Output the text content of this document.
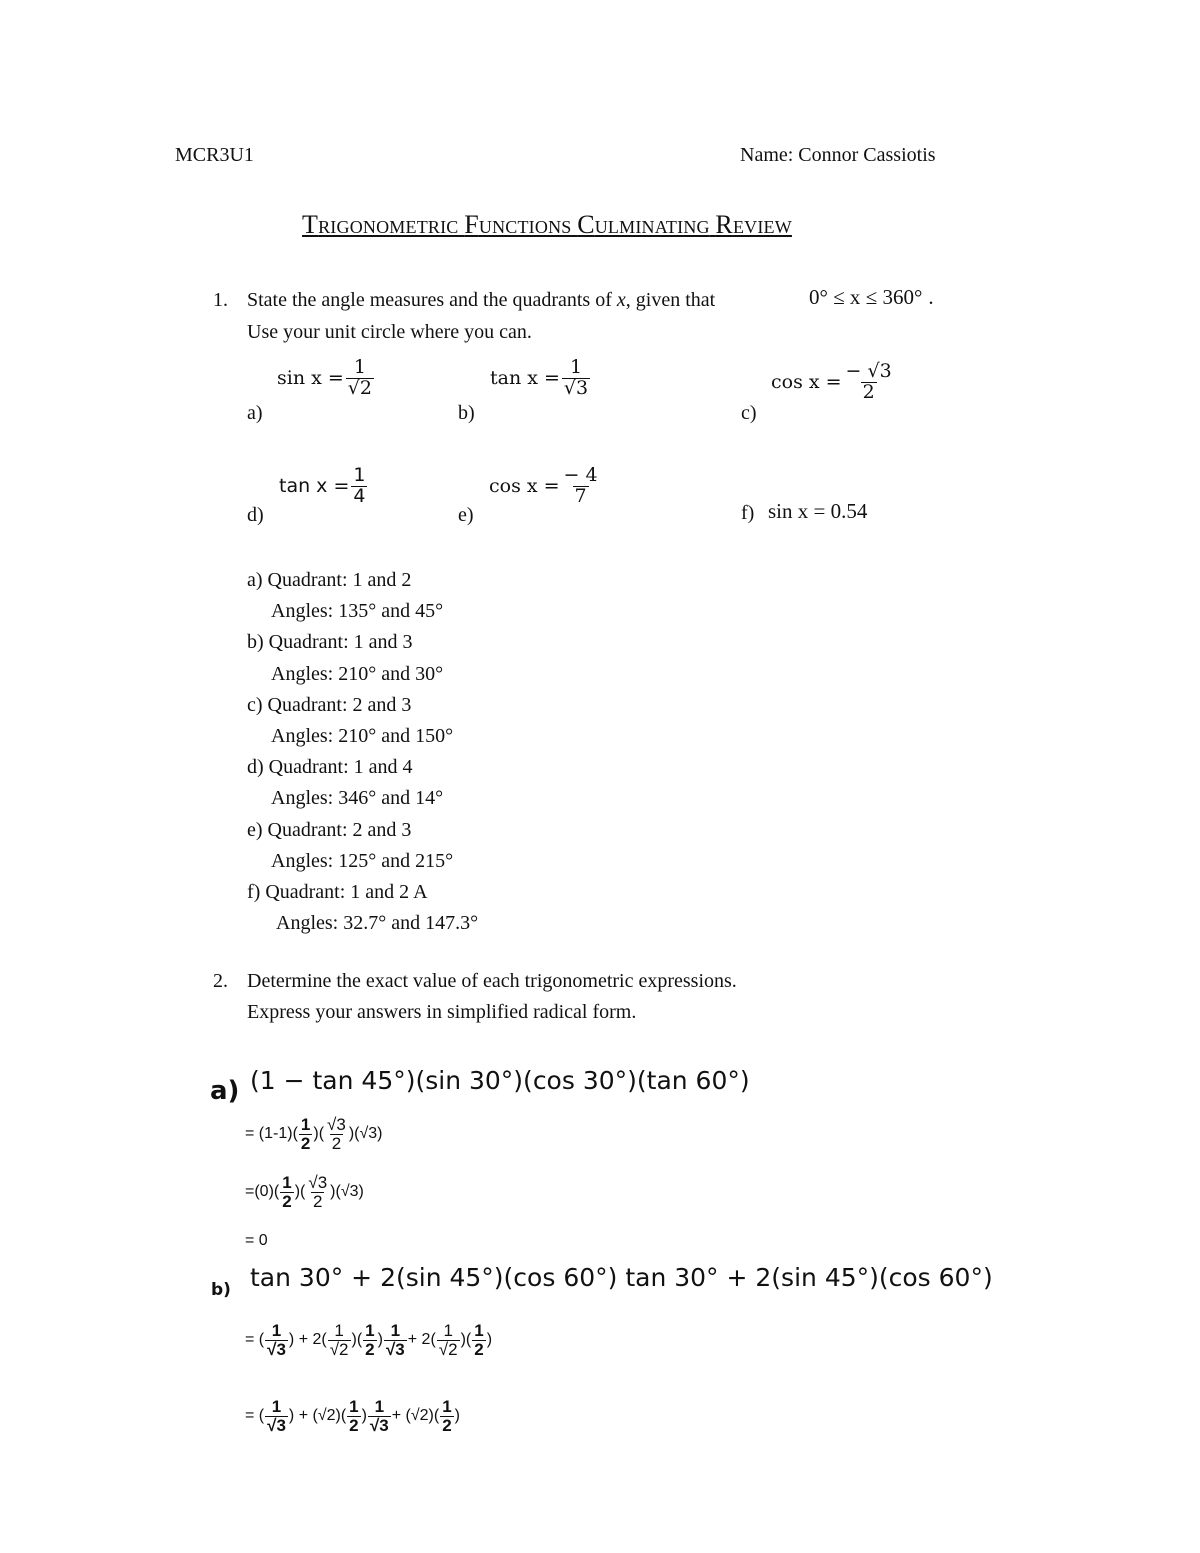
MCR3U1	Name: Connor Cassiotis
TRIGONOMETRIC FUNCTIONS CULMINATING REVIEW
1. State the angle measures and the quadrants of x, given that	0° ≤ x ≤ 360° .
Use your unit circle where you can.
a)
$\sin x = \frac{1}{√2}$
b)
$\tan x = \frac{1}{√3}$
c)
$\cos x = \frac{- √3}{2}$
d)
$\tan x = \frac{1}{4}$
e)
$\cos x = \frac{- 4}{7}$
f) sin x = 0.54
a) Quadrant: 1 and 2
Angles: 135° and 45°
b) Quadrant: 1 and 3
Angles: 210° and 30°
c) Quadrant: 2 and 3
Angles: 210° and 150°
d) Quadrant: 1 and 4
Angles: 346° and 14°
e) Quadrant: 2 and 3
Angles: 125° and 215°
f) Quadrant: 1 and 2 A
Angles: 32.7° and 147.3°
2. Determine the exact value of each trigonometric expressions.
Express your answers in simplified radical form.
a) (1 − tan 45°)(sin 30°)(cos 30°)(tan 60°)
= $(1-1)( \frac{1}{2}$ )( $\frac{√3}{2} )(√3)$
$=(0)( \frac{1}{2}$ )( $\frac{√3}{2} )(√3)$
= 0
b) tan 30° + 2(sin 45°)(cos 60°) tan 30° + 2(sin 45°)(cos 60°)
= ( $\frac{1}{√3}$ ) + $2( \frac{1}{√2}$ )( $\frac{1}{2}$ ) $\frac{1}{√3} + 2( \frac{1}{√2}$ )( $\frac{1}{2}$ )
= ( $\frac{1}{√3}$ ) + $(√2)( \frac{1}{2}$ ) $\frac{1}{√3} + (√2)( \frac{1}{2}$ )
